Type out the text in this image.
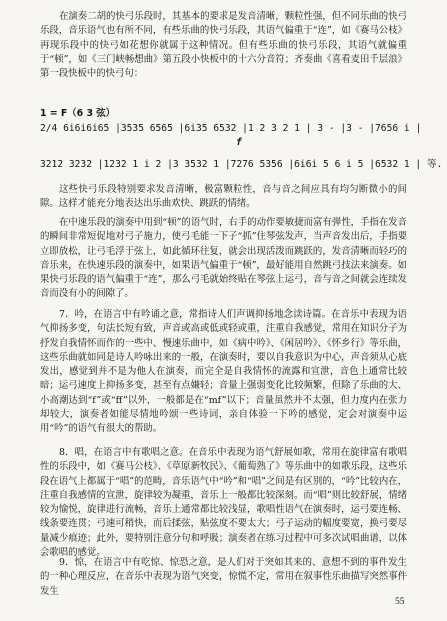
在演奏二胡的快弓乐段时，其基本的要求是发音清晰，颗粒性强，但不同乐曲的快弓乐段，音乐语气也有所不同，有些乐曲的快弓乐段，其语气偏重于“连”，如《赛马公枝》再现乐段中的快弓如花想你就属于这种情况。但有些乐曲的快弓乐段，其语气就偏重于“顿”，如《三门峡畅想曲》第五段小快板中的十六分音符；齐奏曲《喜看麦田千层浪》第一段快板中的快弓句：

1 = F（6 3 弦）

2/4 6i6i6i65 |3535 6565 |6i35 6532 |1 2 3 2 1 | 3 - |3 - |7656 i |
f
3212 3232 |1232 1 i 2 |3 3532 1 |7276 5356 |6i6i 5 6 i 5 |6532 1 | 等.

这些快弓乐段特别要求发音清晰，极富颗粒性，音与音之间应具有均匀断微小的间隙。这样才能充分地表达出乐曲欢快、跳跃的情绪。

在中速乐段的演奏中用到“顿”的语气时，右手的动作要敏捷而富有弹性，手指在发音的瞬间非常短促地对弓子施力，使弓毛能一下子“抓”住琴弦发声，当声音发出后，手指要立即放松，让弓毛浮于弦上，如此循环往复，就会出现活泼而跳跃的，发音清晰而轻巧的音乐来，在快速乐段的演奏中，如果语气偏重于“顿”，最好能用自然跳弓技法来演奏。如果快弓乐段的语气偏重于“连”，那么弓毛就始终贴在琴弦上运弓，音与音之间就会连续发音而没有小的间隙了。

7．吟，在语言中有吟诵之意，常指诗人们声调抑扬地念读诗篇。在音乐中表现为语气抑扬多变，句法长短有致，声音或高或低或轻或重，注重自我感觉，常用在知识分子为抒发自我情怀而作的一些中、慢速乐曲中，如《病中吟》、《闲居吟》、《怀乡行》等乐曲，这些乐曲就如同是诗人吟咏出来的一般，在演奏时，要以自我意识为中心，声音须从心底发出，感觉到并不是为他人在演奏，而完全是自我情怀的流露和宣泄，音色上通常比较暗；运弓速度上抑扬多变，甚至有点嫌轻；音量上强弱变化比较频繁，但除了乐曲的大、小高潮达到“f”或“ff”以外，一般都是在“mf”以下；音量虽然并不太强，但力度内在张力却较大，演奏者如能尽情地吟颂一些诗词，亲自体验一下吟的感觉，定会对演奏中运用“吟”的语气有很大的帮助。

8．唱，在语言中有歌唱之意。在音乐中表现为语气舒展如歌，常用在旋律富有歌唱性的乐段中，如《赛马公枝》、《草原新牧民》、《葡萄熟了》等乐曲中的如歌乐段，这些乐段在语气上都属于“唱”的范畴，音乐语气中“吟”和“唱”之间是有区别的，“吟”比较内在，注重自我感情的宣泄，旋律较为凝重，音乐上一般都比较深刻。而“唱”则比较舒展，情绪较为愉悦，旋律进行流畅，音乐上通常都比较浅显，歌唱性语气在演奏时，运弓要连畅、线条要连贯；弓速可稍快，而后揉弦，贴弦度不要太大；弓子运动的幅度要宽，换弓要尽量减少痕迹；此外，要特别注意分句和呼吸；演奏者在练习过程中可多次试唱曲谱，以体会歌唱的感觉。

9．惊，在语言中有吃惊、惊恐之意，是人们对于突如其来的、意想不到的事件发生的一种心理反应，在音乐中表现为语气突变，惊慌不定，常用在叙事性乐曲描写突然事件发生

55
